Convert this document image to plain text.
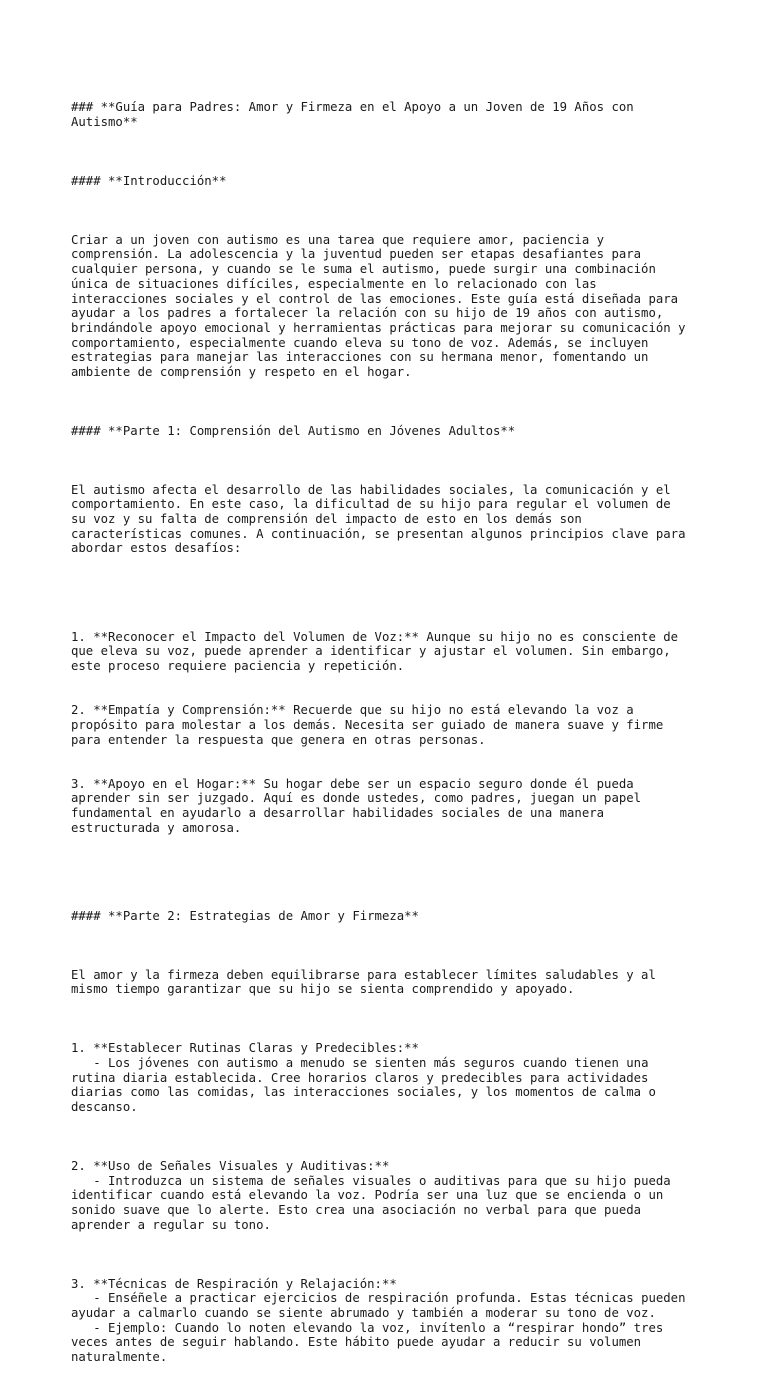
### **Guía para Padres: Amor y Firmeza en el Apoyo a un Joven de 19 Años con
Autismo**

#### **Introducción**

Criar a un joven con autismo es una tarea que requiere amor, paciencia y
comprensión. La adolescencia y la juventud pueden ser etapas desafiantes para
cualquier persona, y cuando se le suma el autismo, puede surgir una combinación
única de situaciones difíciles, especialmente en lo relacionado con las
interacciones sociales y el control de las emociones. Este guía está diseñada para
ayudar a los padres a fortalecer la relación con su hijo de 19 años con autismo,
brindándole apoyo emocional y herramientas prácticas para mejorar su comunicación y
comportamiento, especialmente cuando eleva su tono de voz. Además, se incluyen
estrategias para manejar las interacciones con su hermana menor, fomentando un
ambiente de comprensión y respeto en el hogar.

#### **Parte 1: Comprensión del Autismo en Jóvenes Adultos**

El autismo afecta el desarrollo de las habilidades sociales, la comunicación y el
comportamiento. En este caso, la dificultad de su hijo para regular el volumen de
su voz y su falta de comprensión del impacto de esto en los demás son
características comunes. A continuación, se presentan algunos principios clave para
abordar estos desafíos:

1. **Reconocer el Impacto del Volumen de Voz:** Aunque su hijo no es consciente de
que eleva su voz, puede aprender a identificar y ajustar el volumen. Sin embargo,
este proceso requiere paciencia y repetición.

2. **Empatía y Comprensión:** Recuerde que su hijo no está elevando la voz a
propósito para molestar a los demás. Necesita ser guiado de manera suave y firme
para entender la respuesta que genera en otras personas.

3. **Apoyo en el Hogar:** Su hogar debe ser un espacio seguro donde él pueda
aprender sin ser juzgado. Aquí es donde ustedes, como padres, juegan un papel
fundamental en ayudarlo a desarrollar habilidades sociales de una manera
estructurada y amorosa.

#### **Parte 2: Estrategias de Amor y Firmeza**

El amor y la firmeza deben equilibrarse para establecer límites saludables y al
mismo tiempo garantizar que su hijo se sienta comprendido y apoyado.

1. **Establecer Rutinas Claras y Predecibles:**
- Los jóvenes con autismo a menudo se sienten más seguros cuando tienen una
rutina diaria establecida. Cree horarios claros y predecibles para actividades
diarias como las comidas, las interacciones sociales, y los momentos de calma o
descanso.

2. **Uso de Señales Visuales y Auditivas:**
- Introduzca un sistema de señales visuales o auditivas para que su hijo pueda
identificar cuando está elevando la voz. Podría ser una luz que se encienda o un
sonido suave que lo alerte. Esto crea una asociación no verbal para que pueda
aprender a regular su tono.

3. **Técnicas de Respiración y Relajación:**
- Enséñele a practicar ejercicios de respiración profunda. Estas técnicas pueden
ayudar a calmarlo cuando se siente abrumado y también a moderar su tono de voz.
- Ejemplo: Cuando lo noten elevando la voz, invítenlo a “respirar hondo” tres
veces antes de seguir hablando. Este hábito puede ayudar a reducir su volumen
naturalmente.
